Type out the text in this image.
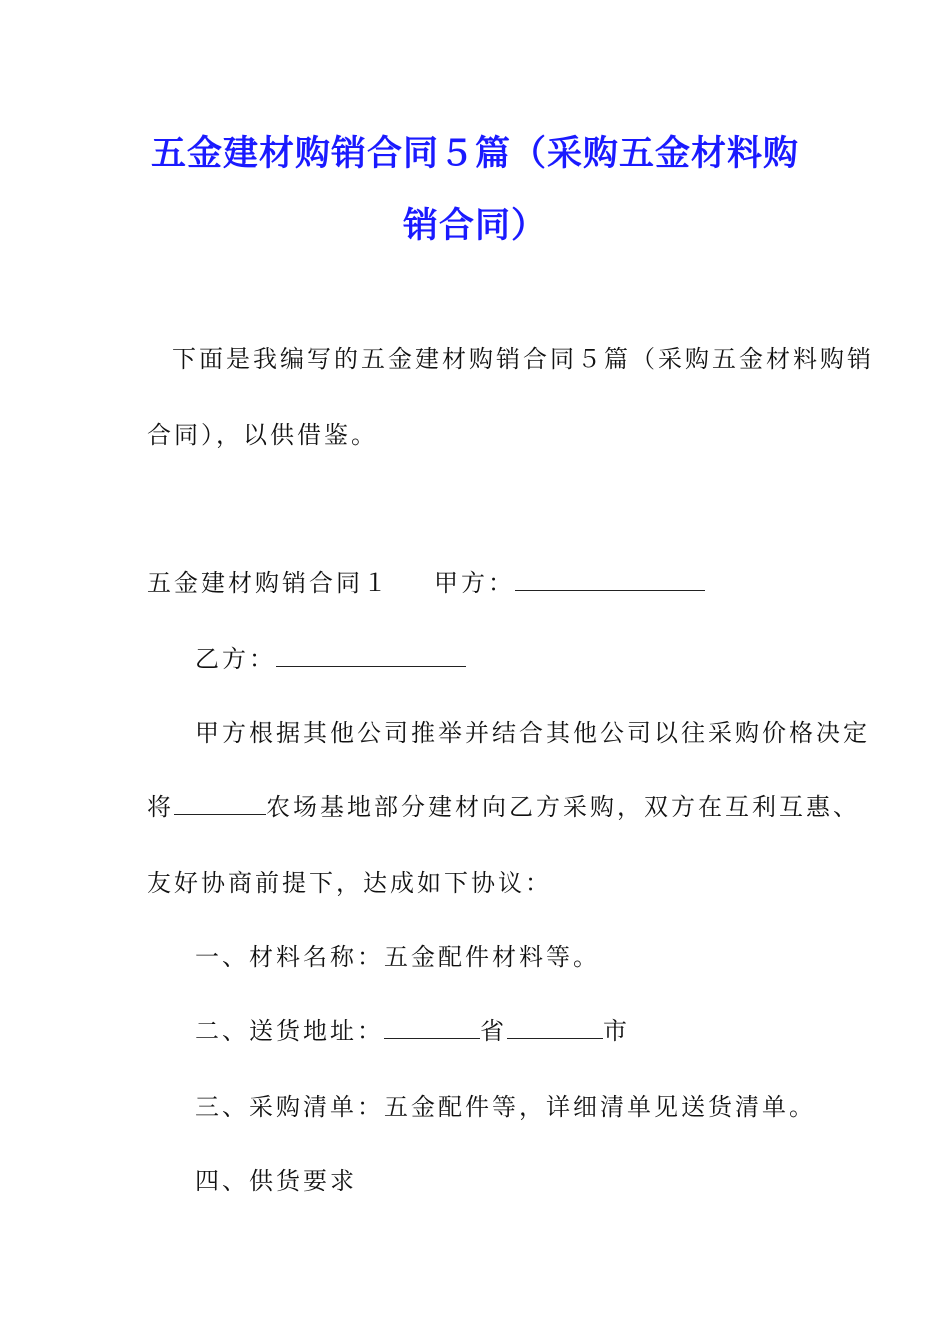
五金建材购销合同５篇（采购五金材料购
销合同）
下面是我编写的五金建材购销合同５篇（采购五金材料购销
合同），以供借鉴。
五金建材购销合同１ 甲方：
乙方：
甲方根据其他公司推举并结合其他公司以往采购价格决定
将	农场基地部分建材向乙方采购，双方在互利互惠、
友好协商前提下，达成如下协议：
一、材料名称：五金配件材料等。
二、送货地址：	省	市
三、采购清单：五金配件等，详细清单见送货清单。
四、供货要求
